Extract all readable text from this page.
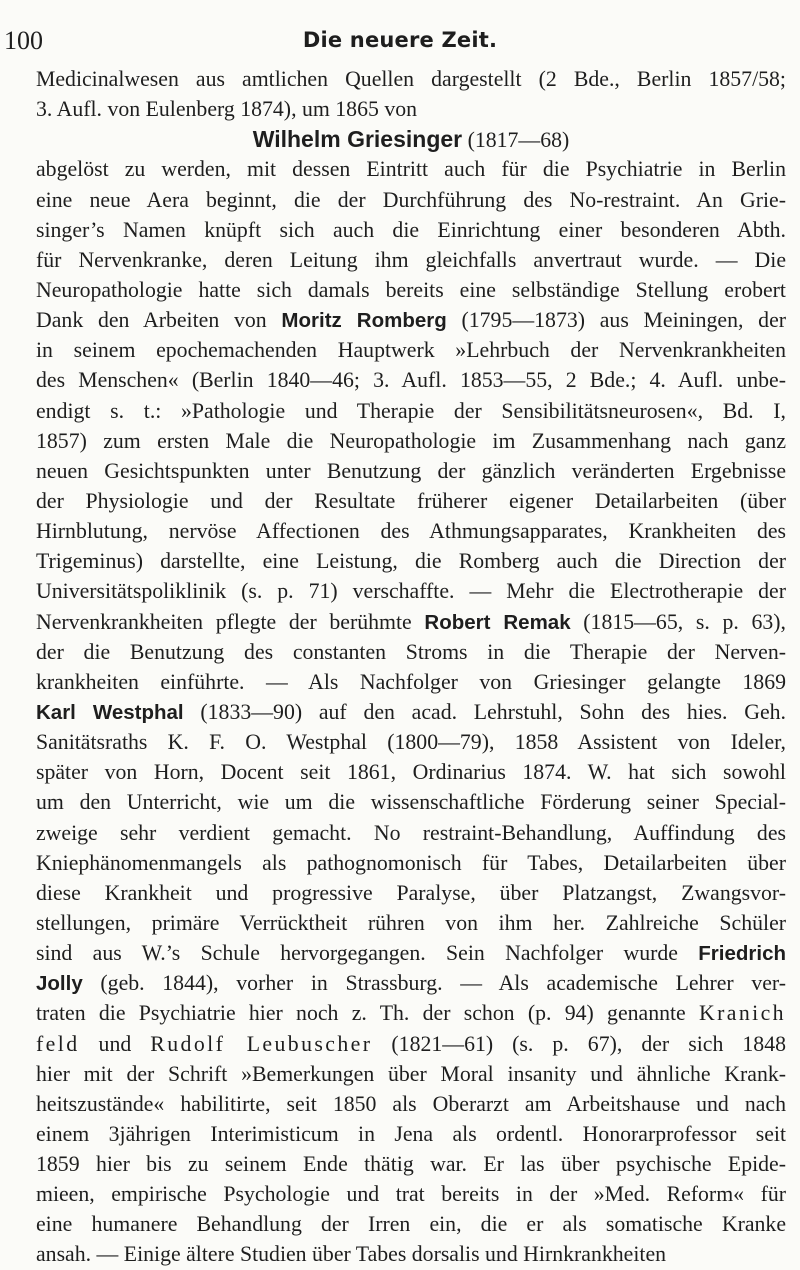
100	Die neuere Zeit.
Medicinalwesen aus amtlichen Quellen dargestellt (2 Bde., Berlin 1857/58;
3. Aufl. von Eulenberg 1874), um 1865 von
Wilhelm Griesinger (1817—68)
abgelöst zu werden, mit dessen Eintritt auch für die Psychiatrie in Berlin
eine neue Aera beginnt, die der Durchführung des No-restraint. An Grie-
singer’s Namen knüpft sich auch die Einrichtung einer besonderen Abth.
für Nervenkranke, deren Leitung ihm gleichfalls anvertraut wurde. — Die
Neuropathologie hatte sich damals bereits eine selbständige Stellung erobert
Dank den Arbeiten von Moritz Romberg (1795—1873) aus Meiningen, der
in seinem epochemachenden Hauptwerk »Lehrbuch der Nervenkrankheiten
des Menschen« (Berlin 1840—46; 3. Aufl. 1853—55, 2 Bde.; 4. Aufl. unbe-
endigt s. t.: »Pathologie und Therapie der Sensibilitätsneurosen«, Bd. I,
1857) zum ersten Male die Neuropathologie im Zusammenhang nach ganz
neuen Gesichtspunkten unter Benutzung der gänzlich veränderten Ergebnisse
der Physiologie und der Resultate früherer eigener Detailarbeiten (über
Hirnblutung, nervöse Affectionen des Athmungsapparates, Krankheiten des
Trigeminus) darstellte, eine Leistung, die Romberg auch die Direction der
Universitätspoliklinik (s. p. 71) verschaffte. — Mehr die Electrotherapie der
Nervenkrankheiten pflegte der berühmte Robert Remak (1815—65, s. p. 63),
der die Benutzung des constanten Stroms in die Therapie der Nerven-
krankheiten einführte. — Als Nachfolger von Griesinger gelangte 1869
Karl Westphal (1833—90) auf den acad. Lehrstuhl, Sohn des hies. Geh.
Sanitätsraths K. F. O. Westphal (1800—79), 1858 Assistent von Ideler,
später von Horn, Docent seit 1861, Ordinarius 1874. W. hat sich sowohl
um den Unterricht, wie um die wissenschaftliche Förderung seiner Special-
zweige sehr verdient gemacht. No restraint-Behandlung, Auffindung des
Kniephänomenmangels als pathognomonisch für Tabes, Detailarbeiten über
diese Krankheit und progressive Paralyse, über Platzangst, Zwangsvor-
stellungen, primäre Verrücktheit rühren von ihm her. Zahlreiche Schüler
sind aus W.’s Schule hervorgegangen. Sein Nachfolger wurde Friedrich
Jolly (geb. 1844), vorher in Strassburg. — Als academische Lehrer ver-
traten die Psychiatrie hier noch z. Th. der schon (p. 94) genannte Kranich
feld und Rudolf Leubuscher (1821—61) (s. p. 67), der sich 1848
hier mit der Schrift »Bemerkungen über Moral insanity und ähnliche Krank-
heitszustände« habilitirte, seit 1850 als Oberarzt am Arbeitshause und nach
einem 3jährigen Interimisticum in Jena als ordentl. Honorarprofessor seit
1859 hier bis zu seinem Ende thätig war. Er las über psychische Epide-
mieen, empirische Psychologie und trat bereits in der »Med. Reform« für
eine humanere Behandlung der Irren ein, die er als somatische Kranke
ansah. — Einige ältere Studien über Tabes dorsalis und Hirnkrankheiten
